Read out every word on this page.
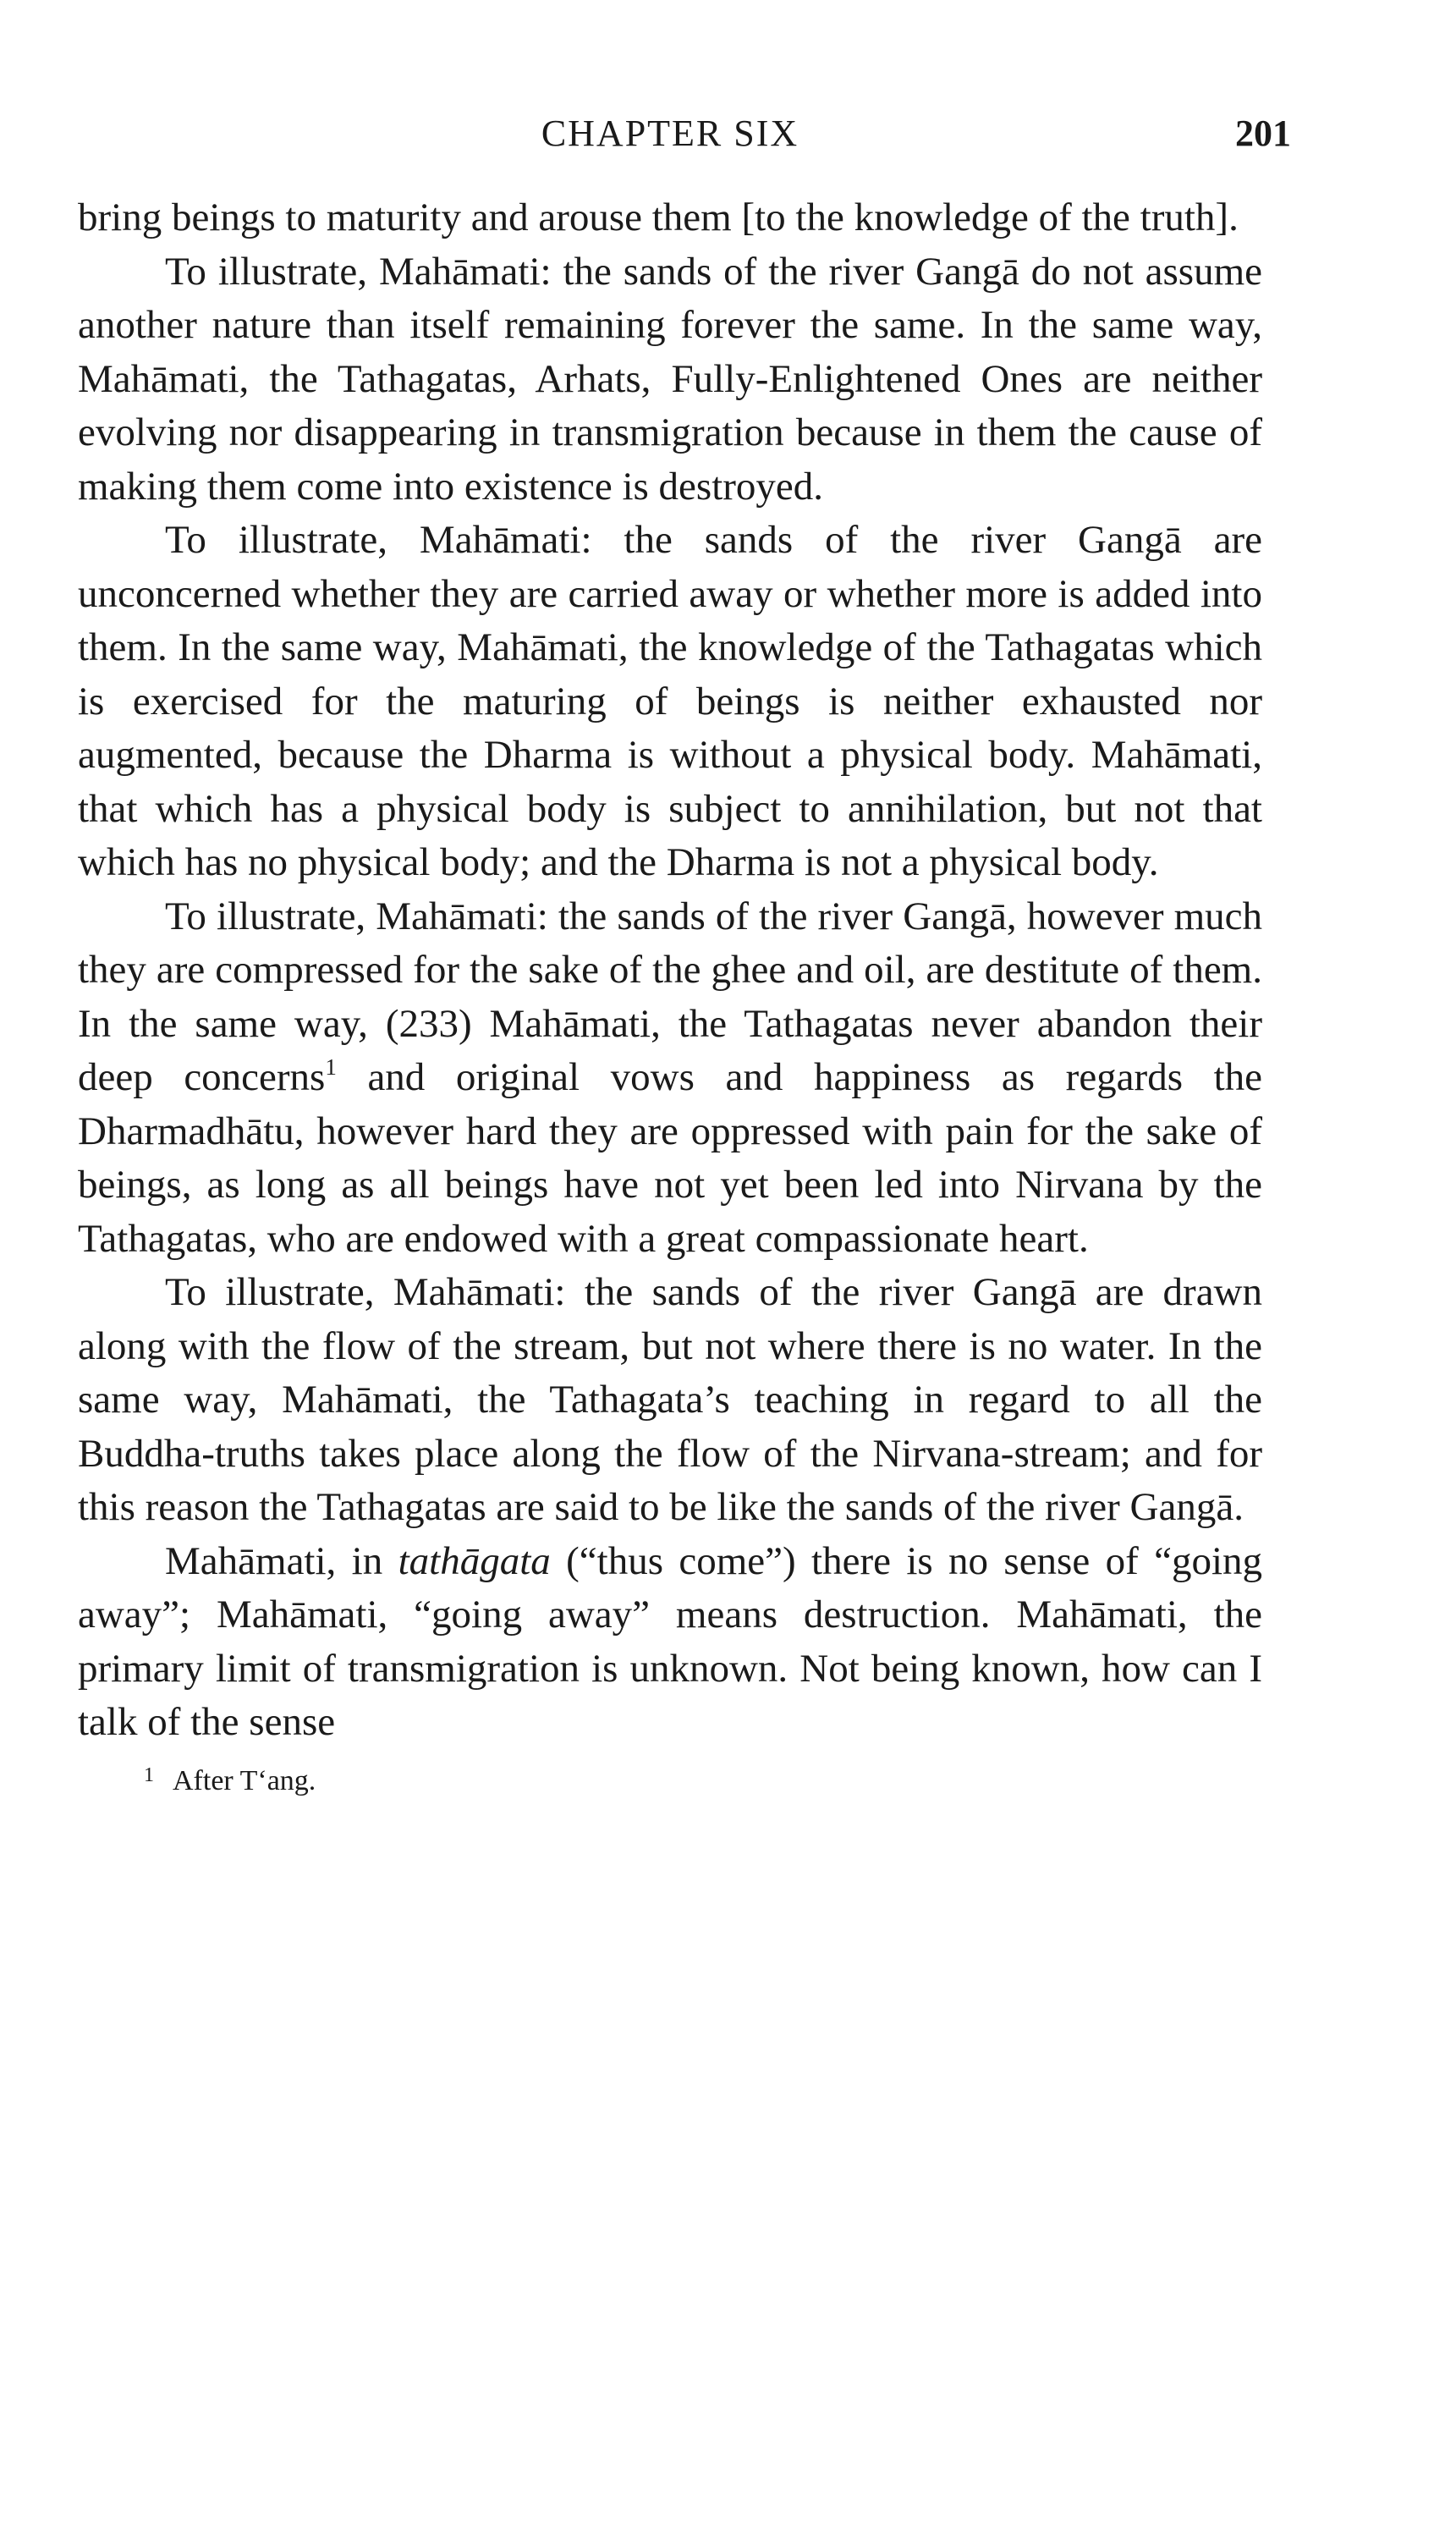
CHAPTER SIX	201

bring beings to maturity and arouse them [to the knowledge of the truth].

To illustrate, Mahāmati: the sands of the river Gangā do not assume another nature than itself remaining forever the same. In the same way, Mahāmati, the Tathagatas, Arhats, Fully-Enlightened Ones are neither evolving nor disappearing in transmigration because in them the cause of making them come into existence is destroyed.

To illustrate, Mahāmati: the sands of the river Gangā are unconcerned whether they are carried away or whether more is added into them. In the same way, Mahāmati, the knowledge of the Tathagatas which is exercised for the maturing of beings is neither exhausted nor augmented, because the Dharma is without a physical body. Mahāmati, that which has a physical body is subject to annihilation, but not that which has no physical body; and the Dharma is not a physical body.

To illustrate, Mahāmati: the sands of the river Gangā, however much they are compressed for the sake of the ghee and oil, are destitute of them. In the same way, (233) Mahāmati, the Tathagatas never abandon their deep concerns$^1$ and original vows and happiness as regards the Dharmadhātu, however hard they are oppressed with pain for the sake of beings, as long as all beings have not yet been led into Nirvana by the Tathagatas, who are endowed with a great compassionate heart.

To illustrate, Mahāmati: the sands of the river Gangā are drawn along with the flow of the stream, but not where there is no water. In the same way, Mahāmati, the Tathagata’s teaching in regard to all the Buddha-truths takes place along the flow of the Nirvana-stream; and for this reason the Tathagatas are said to be like the sands of the river Gangā.

Mahāmati, in tathāgata (“thus come”) there is no sense of “going away”; Mahāmati, “going away” means destruction. Mahāmati, the primary limit of transmigration is unknown. Not being known, how can I talk of the sense

$^1$ After T‘ang.
